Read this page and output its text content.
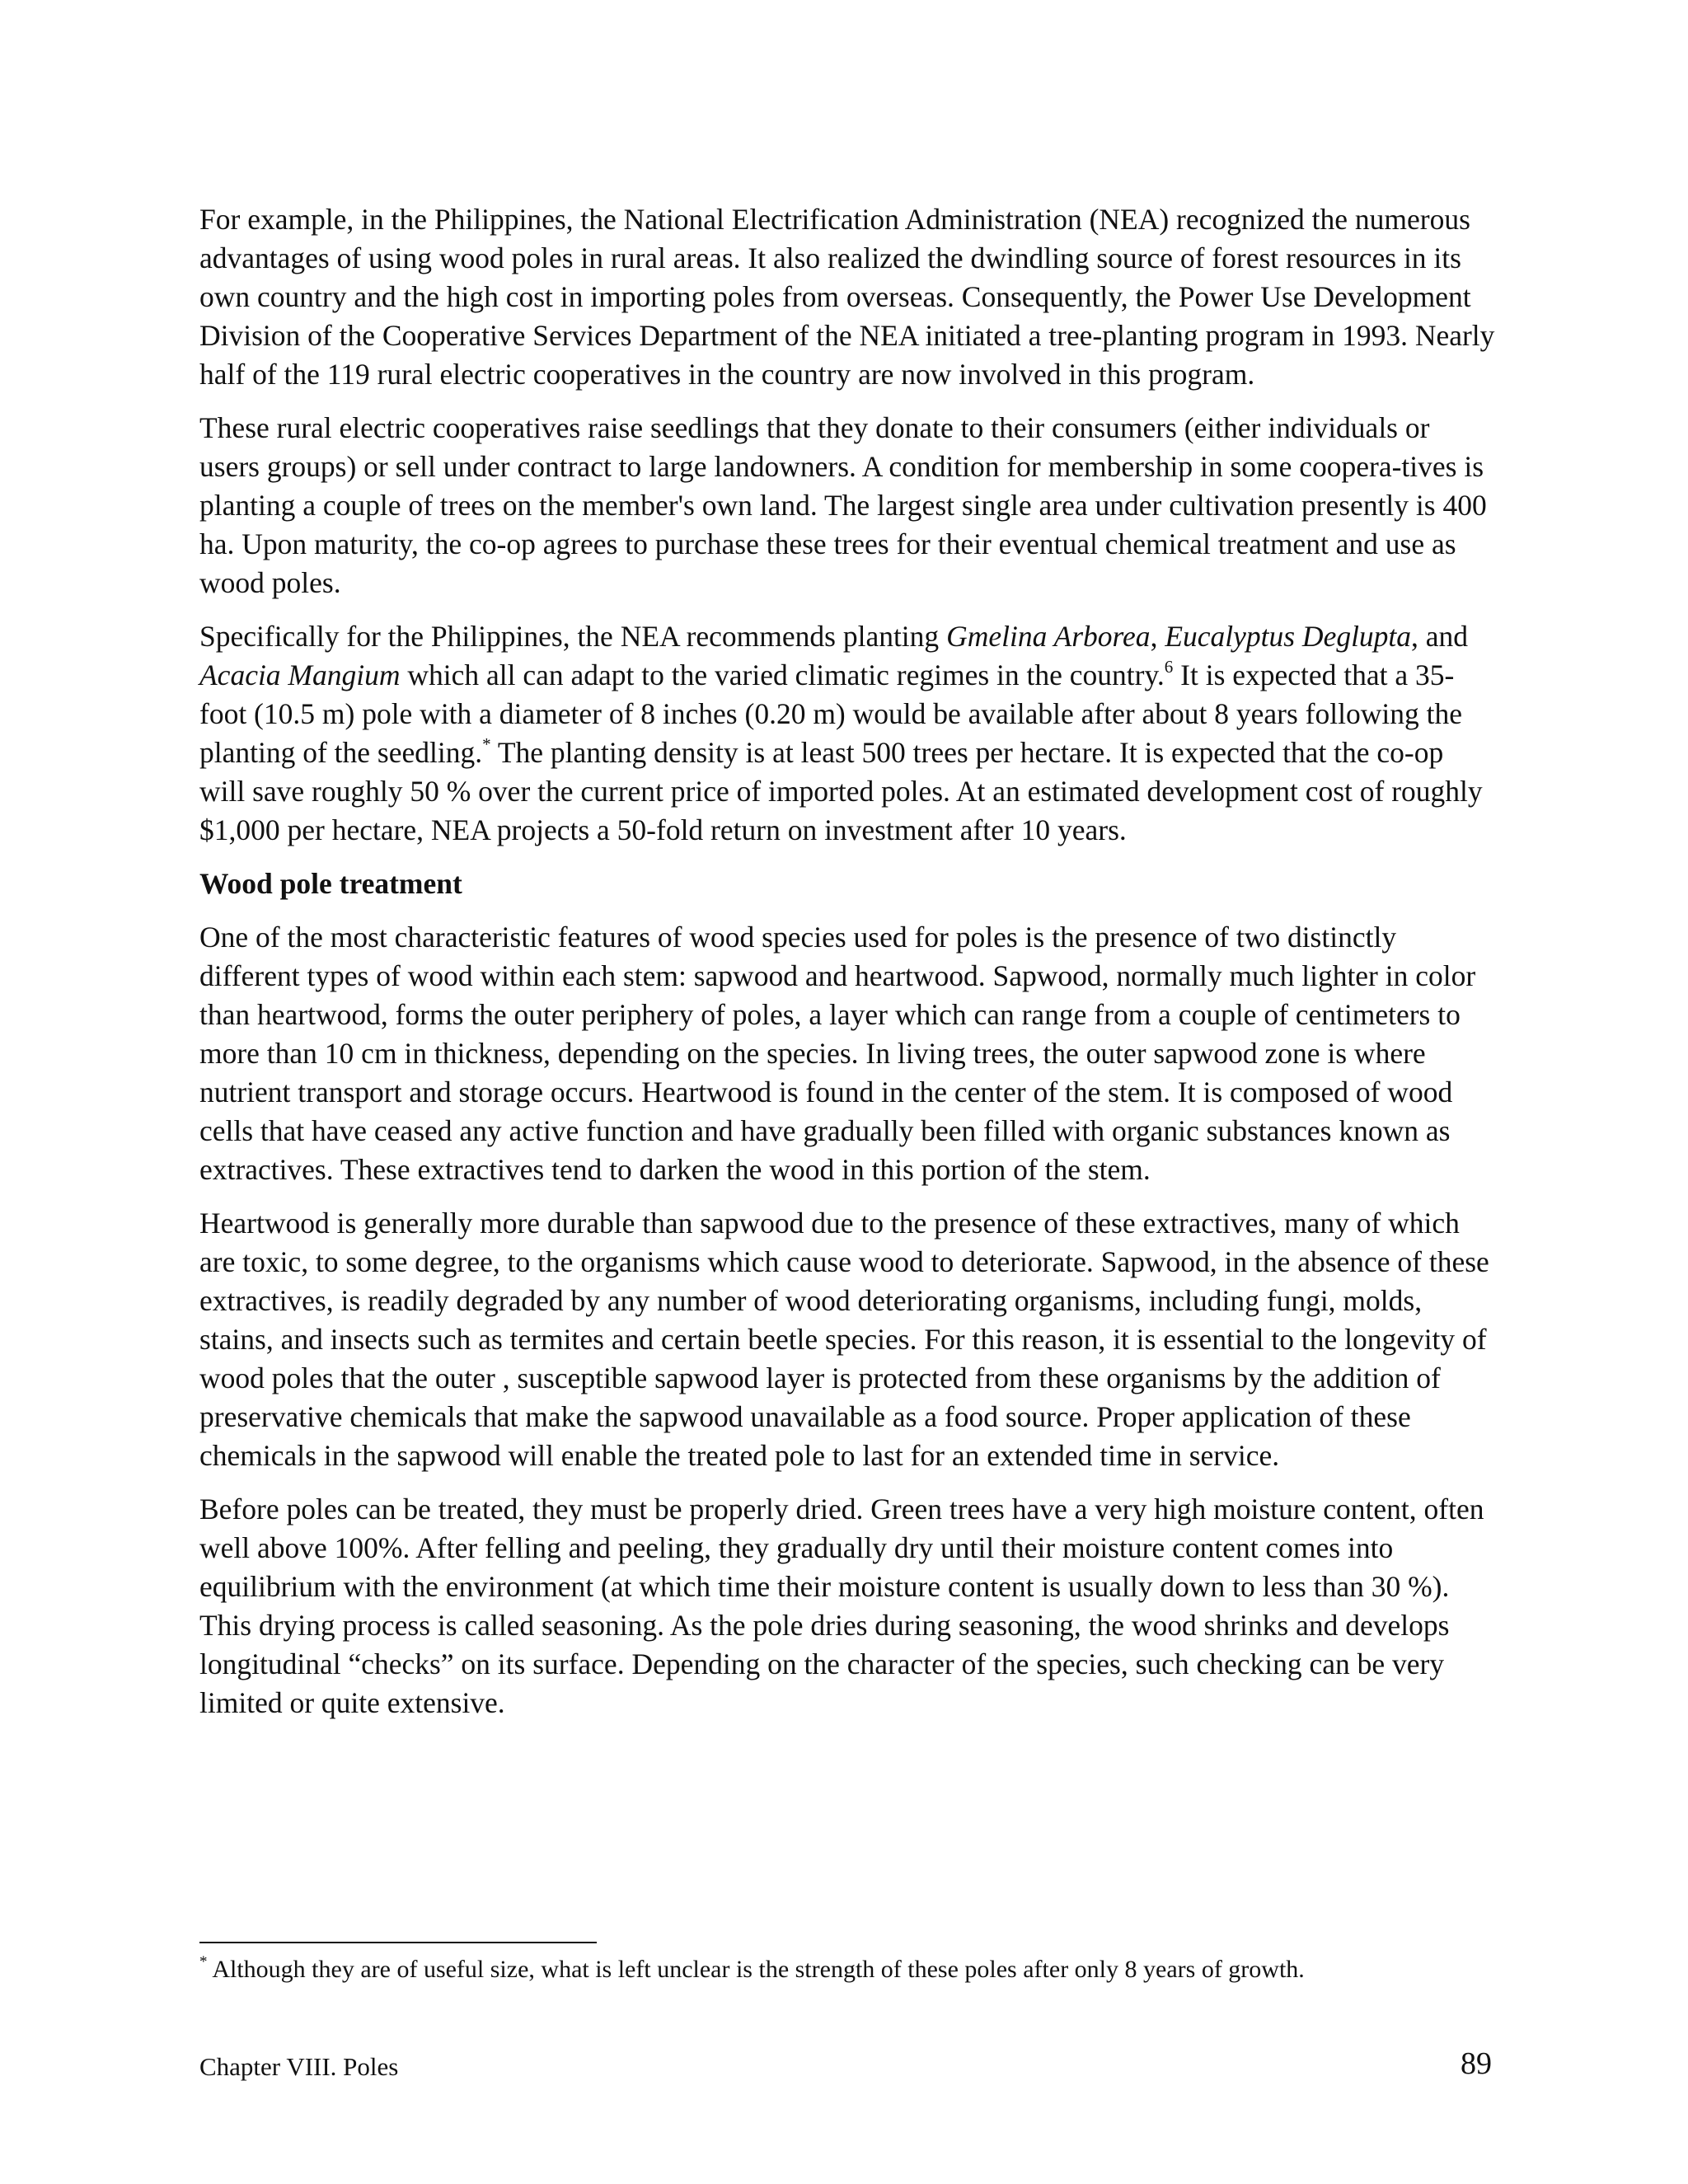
For example, in the Philippines, the National Electrification Administration (NEA) recognized the numerous advantages of using wood poles in rural areas. It also realized the dwindling source of forest resources in its own country and the high cost in importing poles from overseas. Consequently, the Power Use Development Division of the Cooperative Services Department of the NEA initiated a tree-planting program in 1993. Nearly half of the 119 rural electric cooperatives in the country are now involved in this program.

These rural electric cooperatives raise seedlings that they donate to their consumers (either individuals or users groups) or sell under contract to large landowners. A condition for membership in some coopera-tives is planting a couple of trees on the member's own land. The largest single area under cultivation presently is 400 ha. Upon maturity, the co-op agrees to purchase these trees for their eventual chemical treatment and use as wood poles.

Specifically for the Philippines, the NEA recommends planting Gmelina Arborea, Eucalyptus Deglupta, and Acacia Mangium which all can adapt to the varied climatic regimes in the country.$^6$ It is expected that a 35-foot (10.5 m) pole with a diameter of 8 inches (0.20 m) would be available after about 8 years following the planting of the seedling.* The planting density is at least 500 trees per hectare. It is expected that the co-op will save roughly 50 % over the current price of imported poles. At an estimated development cost of roughly $1,000 per hectare, NEA projects a 50-fold return on investment after 10 years.

Wood pole treatment

One of the most characteristic features of wood species used for poles is the presence of two distinctly different types of wood within each stem: sapwood and heartwood. Sapwood, normally much lighter in color than heartwood, forms the outer periphery of poles, a layer which can range from a couple of centimeters to more than 10 cm in thickness, depending on the species. In living trees, the outer sapwood zone is where nutrient transport and storage occurs. Heartwood is found in the center of the stem. It is composed of wood cells that have ceased any active function and have gradually been filled with organic substances known as extractives. These extractives tend to darken the wood in this portion of the stem.

Heartwood is generally more durable than sapwood due to the presence of these extractives, many of which are toxic, to some degree, to the organisms which cause wood to deteriorate. Sapwood, in the absence of these extractives, is readily degraded by any number of wood deteriorating organisms, including fungi, molds, stains, and insects such as termites and certain beetle species. For this reason, it is essential to the longevity of wood poles that the outer , susceptible sapwood layer is protected from these organisms by the addition of preservative chemicals that make the sapwood unavailable as a food source. Proper application of these chemicals in the sapwood will enable the treated pole to last for an extended time in service.

Before poles can be treated, they must be properly dried. Green trees have a very high moisture content, often well above 100%. After felling and peeling, they gradually dry until their moisture content comes into equilibrium with the environment (at which time their moisture content is usually down to less than 30 %). This drying process is called seasoning. As the pole dries during seasoning, the wood shrinks and develops longitudinal “checks” on its surface. Depending on the character of the species, such checking can be very limited or quite extensive.

* Although they are of useful size, what is left unclear is the strength of these poles after only 8 years of growth.
Chapter VIII. Poles	89
